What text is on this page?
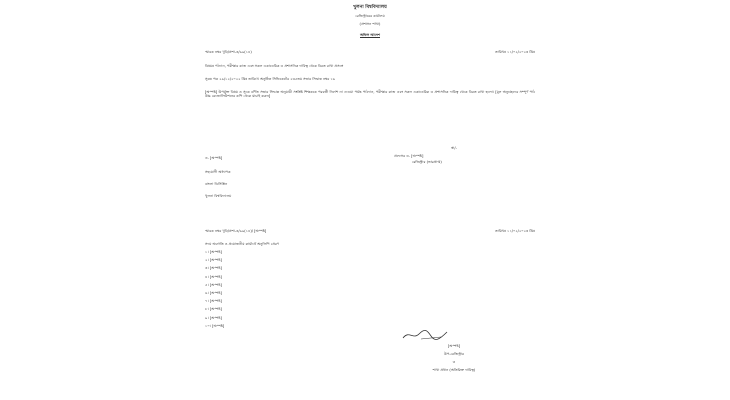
খুলনা বিশ্ববিদ্যালয়
রেজিস্ট্রারের কার্যালয়
(প্রশাসন শাখা)
অফিস আদেশ
স্মারক নম্বর খুবি/প্রশা-৩/৯৯(১৪)	তারিখঃ ১১/০২/২০২৩ খ্রিঃ
বিষয়ঃ পঠদান, পরীক্ষার কাজ এবং সকল একাডেমিক ও প্রশাসনিক দায়িত্ব থেকে বিরত রাখা প্রসঙ্গে
সূত্রঃ পত্র ২৯/১২/২০২২ খ্রিঃ তারিখে অনুষ্ঠিত সিন্ডিকেটের ২৩৫তম সভার সিদ্ধান্ত নম্বর ১৬
[অস্পষ্ট] উপর্যুক্ত বিষয় ও সূত্রে বর্ণিত সভার সিদ্ধান্ত অনুযায়ী সংশ্লিষ্ট শিক্ষককে পরবর্তী নির্দেশ না দেওয়া পর্যন্ত পাঠদান, পরীক্ষার কাজ এবং সকল একাডেমিক ও প্রশাসনিক দায়িত্ব থেকে বিরত রাখা হলো। [মূল অনুচ্ছেদের সম্পূর্ণ পাঠ উচ্চ রেজোলিউশনের কপি থেকে যাচাই করুন]
স্বা/-
প্রফেসর ড. [অস্পষ্ট]
রেজিস্ট্রার (ভারপ্রাপ্ত)
ড. [অস্পষ্ট]
সহযোগী অধ্যাপক
বাংলা ডিসিপ্লিন
খুলনা বিশ্ববিদ্যালয়
স্মারক নম্বর খুবি/প্রশা-৩/৯৯(১৪)/ [অস্পষ্ট]	তারিখঃ ১১/০২/২০২৩ খ্রিঃ
সদয় অবগতি ও প্রয়োজনীয় কার্যার্থে অনুলিপি প্রেরণ
১। [অস্পষ্ট]
২। [অস্পষ্ট]
৩। [অস্পষ্ট]
৪। [অস্পষ্ট]
৫। [অস্পষ্ট]
৬। [অস্পষ্ট]
৭। [অস্পষ্ট]
৮। [অস্পষ্ট]
৯। [অস্পষ্ট]
১০। [অস্পষ্ট]
[অস্পষ্ট]
উপ-রেজিস্ট্রার
ও
শাখা প্রধান (অতিরিক্ত দায়িত্ব)
